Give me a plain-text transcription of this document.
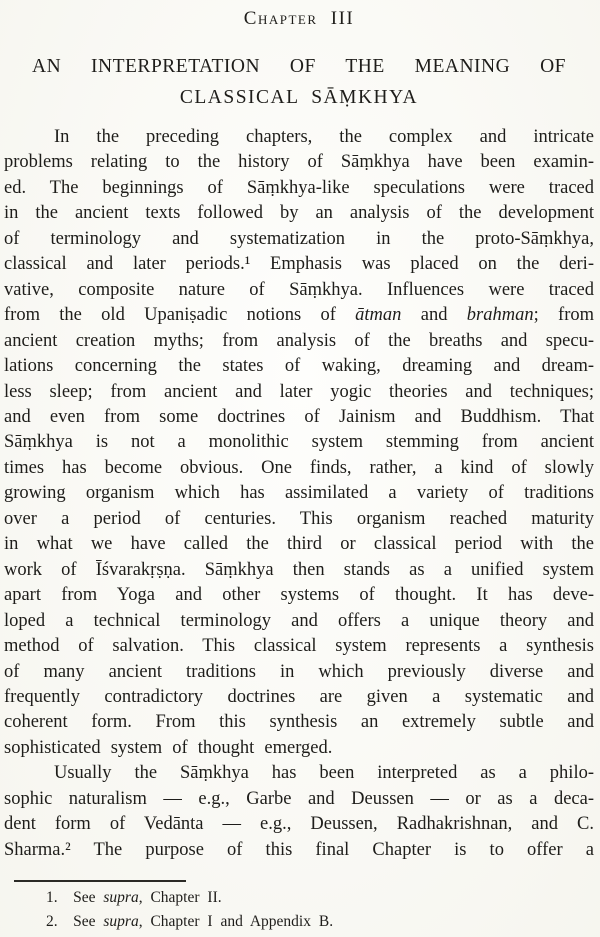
Chapter III
AN INTERPRETATION OF THE MEANING OF
CLASSICAL SĀṂKHYA
In the preceding chapters, the complex and intricate
problems relating to the history of Sāṃkhya have been examin-
ed. The beginnings of Sāṃkhya-like speculations were traced
in the ancient texts followed by an analysis of the development
of terminology and systematization in the proto-Sāṃkhya,
classical and later periods.¹ Emphasis was placed on the deri-
vative, composite nature of Sāṃkhya. Influences were traced
from the old Upaniṣadic notions of ātman and brahman; from
ancient creation myths; from analysis of the breaths and specu-
lations concerning the states of waking, dreaming and dream-
less sleep; from ancient and later yogic theories and techniques;
and even from some doctrines of Jainism and Buddhism. That
Sāṃkhya is not a monolithic system stemming from ancient
times has become obvious. One finds, rather, a kind of slowly
growing organism which has assimilated a variety of traditions
over a period of centuries. This organism reached maturity
in what we have called the third or classical period with the
work of Īśvarakṛṣṇa. Sāṃkhya then stands as a unified system
apart from Yoga and other systems of thought. It has deve-
loped a technical terminology and offers a unique theory and
method of salvation. This classical system represents a synthesis
of many ancient traditions in which previously diverse and
frequently contradictory doctrines are given a systematic and
coherent form. From this synthesis an extremely subtle and
sophisticated system of thought emerged.
Usually the Sāṃkhya has been interpreted as a philo-
sophic naturalism — e.g., Garbe and Deussen — or as a deca-
dent form of Vedānta — e.g., Deussen, Radhakrishnan, and C.
Sharma.² The purpose of this final Chapter is to offer a
1. See supra, Chapter II.
2. See supra, Chapter I and Appendix B.
